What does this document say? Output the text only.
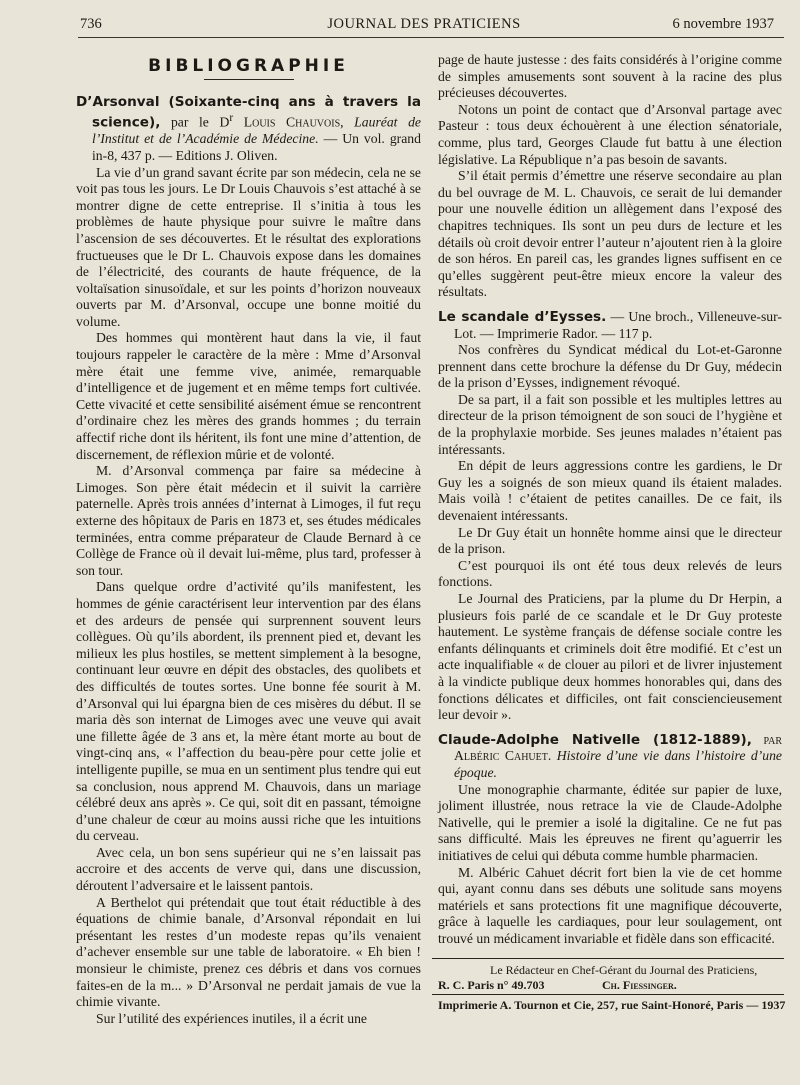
736	JOURNAL DES PRATICIENS	6 novembre 1937
BIBLIOGRAPHIE

D’Arsonval (Soixante-cinq ans à travers la science), par le $D^r$ Louis Chauvois, Lauréat de l’Institut et de l’Académie de Médecine. — Un vol. grand in-8, 437 p. — Editions J. Oliven.

La vie d’un grand savant écrite par son médecin, cela ne se voit pas tous les jours. Le Dr Louis Chauvois s’est attaché à se montrer digne de cette entreprise. Il s’initia à tous les problèmes de haute physique pour suivre le maître dans l’ascension de ses découvertes. Et le résultat des explorations fructueuses que le Dr L. Chauvois expose dans les domaines de l’électricité, des courants de haute fréquence, de la voltaïsation sinusoïdale, et sur les points d’horizon nouveaux ouverts par M. d’Arsonval, occupe une bonne moitié du volume.

Des hommes qui montèrent haut dans la vie, il faut toujours rappeler le caractère de la mère : Mme d’Arsonval mère était une femme vive, animée, remarquable d’intelligence et de jugement et en même temps fort cultivée. Cette vivacité et cette sensibilité aisément émue se rencontrent d’ordinaire chez les mères des grands hommes ; du terrain affectif riche dont ils héritent, ils font une mine d’attention, de discernement, de réflexion mûrie et de volonté.

M. d’Arsonval commença par faire sa médecine à Limoges. Son père était médecin et il suivit la carrière paternelle. Après trois années d’internat à Limoges, il fut reçu externe des hôpitaux de Paris en 1873 et, ses études médicales terminées, entra comme préparateur de Claude Bernard à ce Collège de France où il devait lui-même, plus tard, professer à son tour.

Dans quelque ordre d’activité qu’ils manifestent, les hommes de génie caractérisent leur intervention par des élans et des ardeurs de pensée qui surprennent souvent leurs collègues. Où qu’ils abordent, ils prennent pied et, devant les milieux les plus hostiles, se mettent simplement à la besogne, continuant leur œuvre en dépit des obstacles, des quolibets et des difficultés de toutes sortes. Une bonne fée sourit à M. d’Arsonval qui lui épargna bien de ces misères du début. Il se maria dès son internat de Limoges avec une veuve qui avait une fillette âgée de 3 ans et, la mère étant morte au bout de vingt-cinq ans, « l’affection du beau-père pour cette jolie et intelligente pupille, se mua en un sentiment plus tendre qui eut sa conclusion, nous apprend M. Chauvois, dans un mariage célébré deux ans après ». Ce qui, soit dit en passant, témoigne d’une chaleur de cœur au moins aussi riche que les intuitions du cerveau.

Avec cela, un bon sens supérieur qui ne s’en laissait pas accroire et des accents de verve qui, dans une discussion, déroutent l’adversaire et le laissent pantois.

A Berthelot qui prétendait que tout était réductible à des équations de chimie banale, d’Arsonval répondait en lui présentant les restes d’un modeste repas qu’ils venaient d’achever ensemble sur une table de laboratoire. « Eh bien ! monsieur le chimiste, prenez ces débris et dans vos cornues faites-en de la m... » D’Arsonval ne perdait jamais de vue la chimie vivante.

Sur l’utilité des expériences inutiles, il a écrit une

page de haute justesse : des faits considérés à l’origine comme de simples amusements sont souvent à la racine des plus précieuses découvertes.

Notons un point de contact que d’Arsonval partage avec Pasteur : tous deux échouèrent à une élection sénatoriale, comme, plus tard, Georges Claude fut battu à une élection législative. La République n’a pas besoin de savants.

S’il était permis d’émettre une réserve secondaire au plan du bel ouvrage de M. L. Chauvois, ce serait de lui demander pour une nouvelle édition un allègement dans l’exposé des chapitres techniques. Ils sont un peu durs de lecture et les détails où croit devoir entrer l’auteur n’ajoutent rien à la gloire de son héros. En pareil cas, les grandes lignes suffisent en ce qu’elles suggèrent peut-être mieux encore la valeur des résultats.

Le scandale d’Eysses. — Une broch., Villeneuve-sur-Lot. — Imprimerie Rador. — 117 p.

Nos confrères du Syndicat médical du Lot-et-Garonne prennent dans cette brochure la défense du Dr Guy, médecin de la prison d’Eysses, indignement révoqué.

De sa part, il a fait son possible et les multiples lettres au directeur de la prison témoignent de son souci de l’hygiène et de la prophylaxie morbide. Ses jeunes malades n’étaient pas intéressants.

En dépit de leurs aggressions contre les gardiens, le Dr Guy les a soignés de son mieux quand ils étaient malades. Mais voilà ! c’étaient de petites canailles. De ce fait, ils devenaient intéressants.

Le Dr Guy était un honnête homme ainsi que le directeur de la prison.

C’est pourquoi ils ont été tous deux relevés de leurs fonctions.

Le Journal des Praticiens, par la plume du Dr Herpin, a plusieurs fois parlé de ce scandale et le Dr Guy proteste hautement. Le système français de défense sociale contre les enfants délinquants et criminels doit être modifié. Et c’est un acte inqualifiable « de clouer au pilori et de livrer injustement à la vindicte publique deux hommes honorables qui, dans des fonctions délicates et difficiles, ont fait consciencieusement leur devoir ».

Claude-Adolphe Nativelle (1812-1889), par Albéric Cahuet. Histoire d’une vie dans l’histoire d’une époque.

Une monographie charmante, éditée sur papier de luxe, joliment illustrée, nous retrace la vie de Claude-Adolphe Nativelle, qui le premier a isolé la digitaline. Ce ne fut pas sans difficulté. Mais les épreuves ne firent qu’aguerrir les initiatives de celui qui débuta comme humble pharmacien.

M. Albéric Cahuet décrit fort bien la vie de cet homme qui, ayant connu dans ses débuts une solitude sans moyens matériels et sans protections fit une magnifique découverte, grâce à laquelle les cardiaques, pour leur soulagement, ont trouvé un médicament invariable et fidèle dans son efficacité.

Le Rédacteur en Chef-Gérant du Journal des Praticiens,
R. C. Paris n° 49.703	Ch. Fiessinger.
Imprimerie A. Tournon et Cie, 257, rue Saint-Honoré, Paris — 1937
